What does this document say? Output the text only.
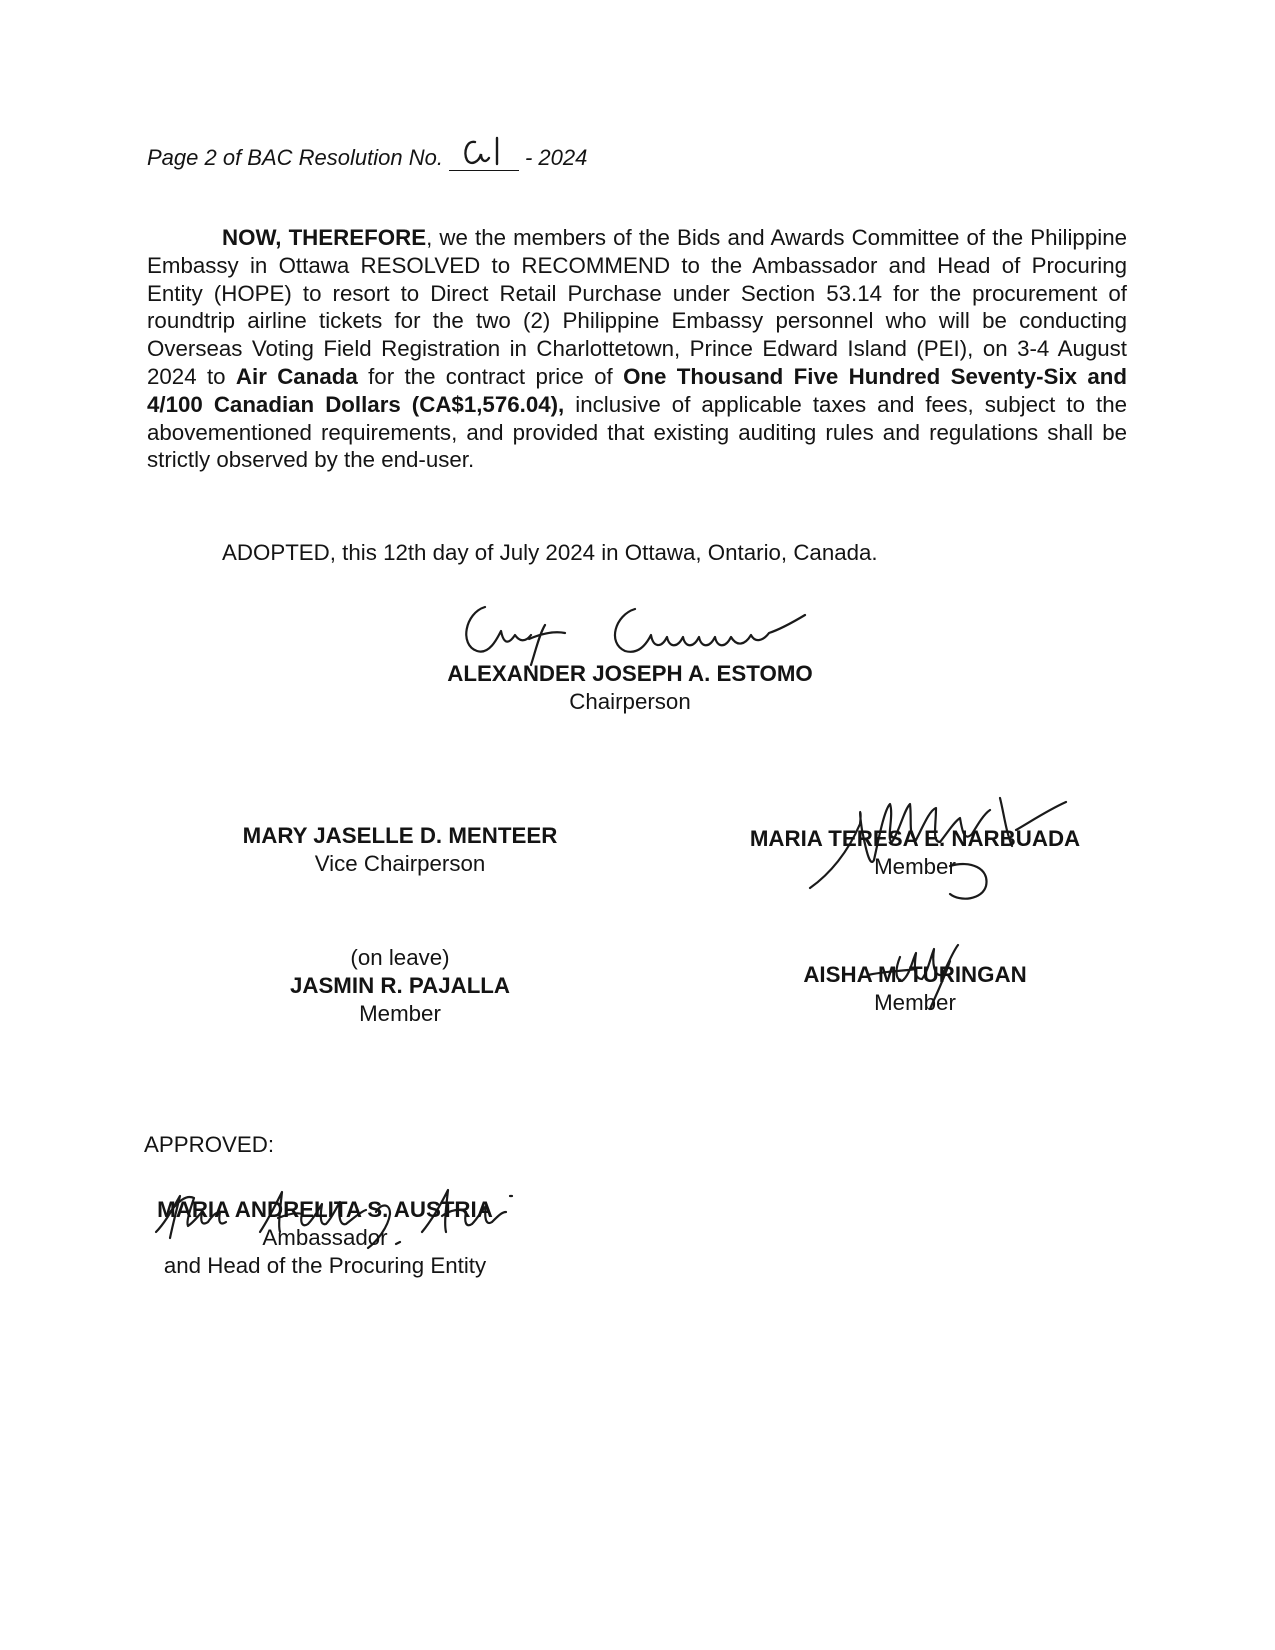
Page 2 of BAC Resolution No.	- 2024

NOW, THEREFORE, we the members of the Bids and Awards Committee of the Philippine Embassy in Ottawa RESOLVED to RECOMMEND to the Ambassador and Head of Procuring Entity (HOPE) to resort to Direct Retail Purchase under Section 53.14 for the procurement of roundtrip airline tickets for the two (2) Philippine Embassy personnel who will be conducting Overseas Voting Field Registration in Charlottetown, Prince Edward Island (PEI), on 3-4 August 2024 to Air Canada for the contract price of One Thousand Five Hundred Seventy-Six and 4/100 Canadian Dollars (CA$1,576.04), inclusive of applicable taxes and fees, subject to the abovementioned requirements, and provided that existing auditing rules and regulations shall be strictly observed by the end-user.

ADOPTED, this 12th day of July 2024 in Ottawa, Ontario, Canada.
ALEXANDER JOSEPH A. ESTOMO
Chairperson
MARY JASELLE D. MENTEER
Vice Chairperson
MARIA TERESA E. NARBUADA
Member
(on leave)
JASMIN R. PAJALLA
Member
AISHA M. TURINGAN
Member
APPROVED:
MARIA ANDRELITA S. AUSTRIA
Ambassador
and Head of the Procuring Entity
